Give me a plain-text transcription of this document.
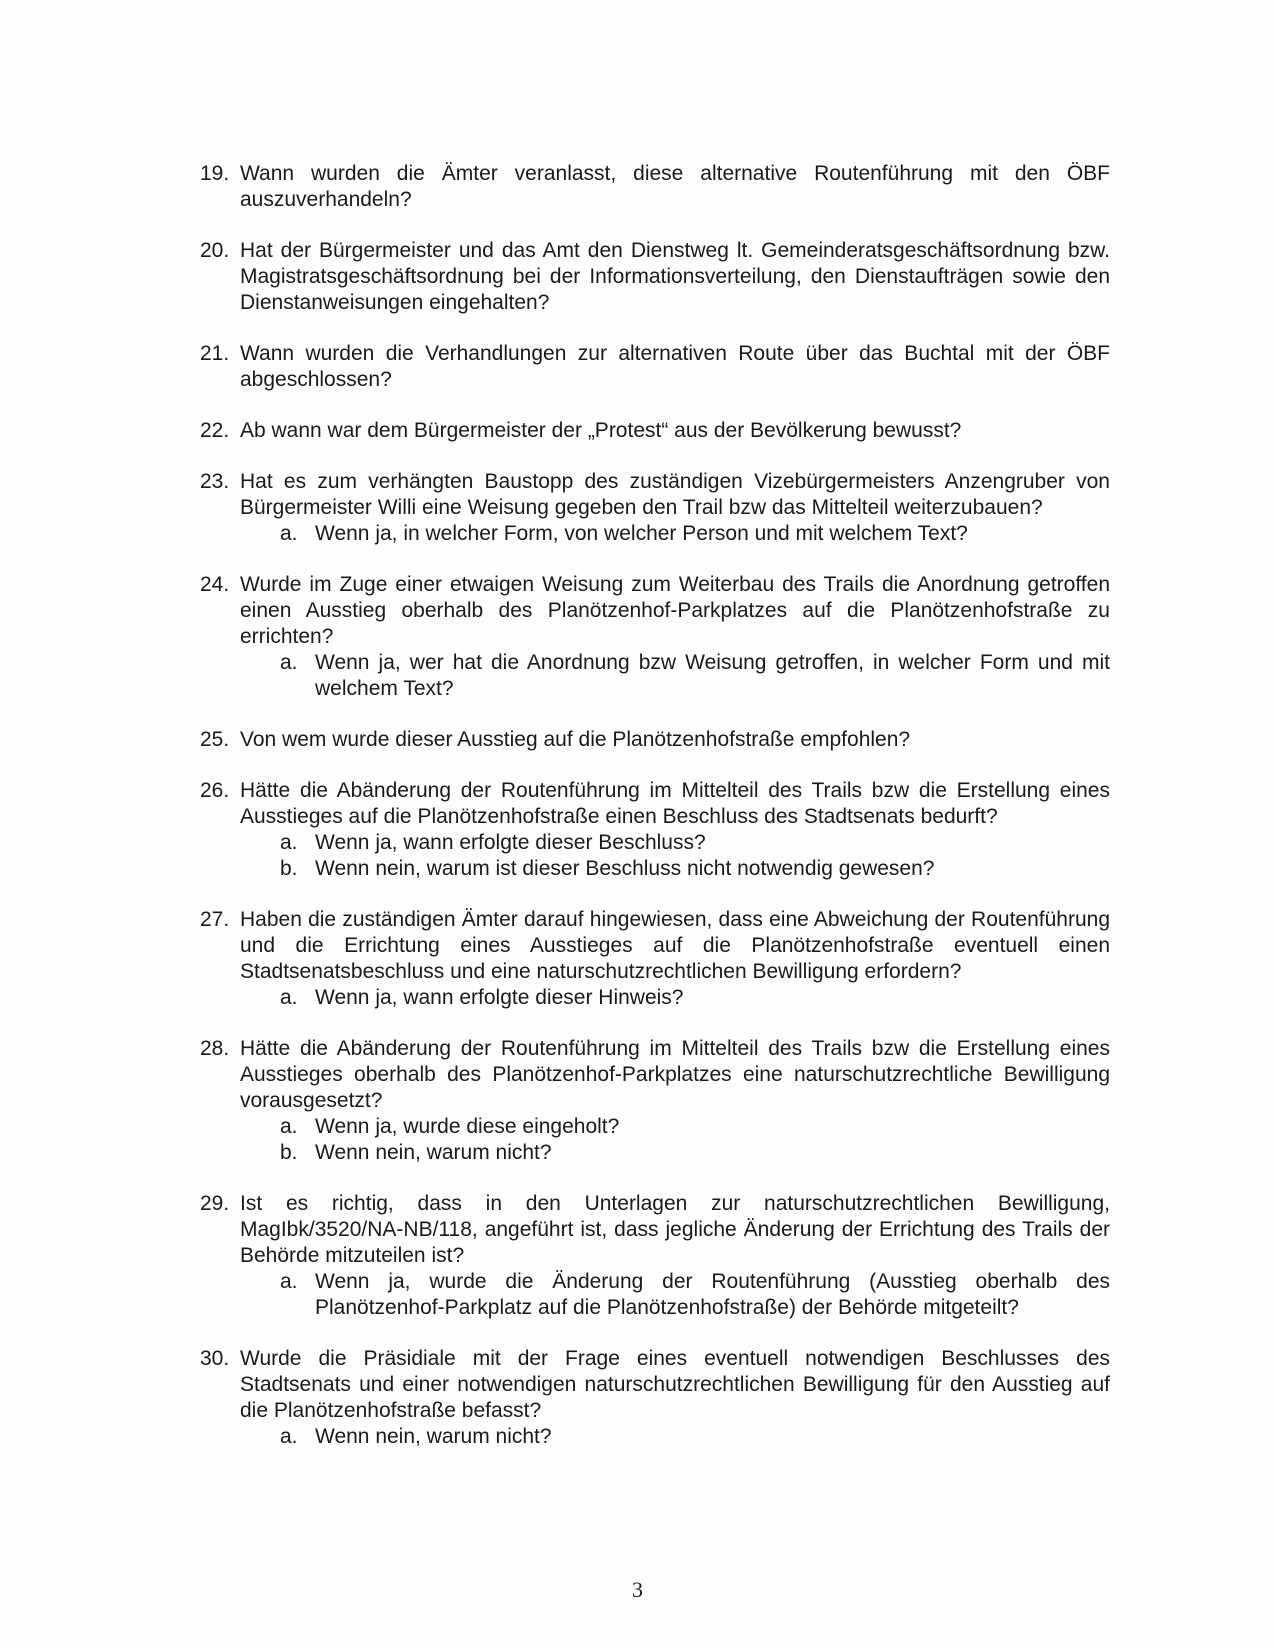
19. Wann wurden die Ämter veranlasst, diese alternative Routenführung mit den ÖBF auszuverhandeln?
20. Hat der Bürgermeister und das Amt den Dienstweg lt. Gemeinderatsgeschäftsordnung bzw. Magistratsgeschäftsordnung bei der Informationsverteilung, den Dienstaufträgen sowie den Dienstanweisungen eingehalten?
21. Wann wurden die Verhandlungen zur alternativen Route über das Buchtal mit der ÖBF abgeschlossen?
22. Ab wann war dem Bürgermeister der „Protest“ aus der Bevölkerung bewusst?
23. Hat es zum verhängten Baustopp des zuständigen Vizebürgermeisters Anzengruber von Bürgermeister Willi eine Weisung gegeben den Trail bzw das Mittelteil weiterzubauen?
a. Wenn ja, in welcher Form, von welcher Person und mit welchem Text?
24. Wurde im Zuge einer etwaigen Weisung zum Weiterbau des Trails die Anordnung getroffen einen Ausstieg oberhalb des Planötzenhof-Parkplatzes auf die Planötzenhofstraße zu errichten?
a. Wenn ja, wer hat die Anordnung bzw Weisung getroffen, in welcher Form und mit welchem Text?
25. Von wem wurde dieser Ausstieg auf die Planötzenhofstraße empfohlen?
26. Hätte die Abänderung der Routenführung im Mittelteil des Trails bzw die Erstellung eines Ausstieges auf die Planötzenhofstraße einen Beschluss des Stadtsenats bedurft?
a. Wenn ja, wann erfolgte dieser Beschluss?
b. Wenn nein, warum ist dieser Beschluss nicht notwendig gewesen?
27. Haben die zuständigen Ämter darauf hingewiesen, dass eine Abweichung der Routenführung und die Errichtung eines Ausstieges auf die Planötzenhofstraße eventuell einen Stadtsenatsbeschluss und eine naturschutzrechtlichen Bewilligung erfordern?
a. Wenn ja, wann erfolgte dieser Hinweis?
28. Hätte die Abänderung der Routenführung im Mittelteil des Trails bzw die Erstellung eines Ausstieges oberhalb des Planötzenhof-Parkplatzes eine naturschutzrechtliche Bewilligung vorausgesetzt?
a. Wenn ja, wurde diese eingeholt?
b. Wenn nein, warum nicht?
29. Ist es richtig, dass in den Unterlagen zur naturschutzrechtlichen Bewilligung, MagIbk/3520/NA-NB/118, angeführt ist, dass jegliche Änderung der Errichtung des Trails der Behörde mitzuteilen ist?
a. Wenn ja, wurde die Änderung der Routenführung (Ausstieg oberhalb des Planötzenhof-Parkplatz auf die Planötzenhofstraße) der Behörde mitgeteilt?
30. Wurde die Präsidiale mit der Frage eines eventuell notwendigen Beschlusses des Stadtsenats und einer notwendigen naturschutzrechtlichen Bewilligung für den Ausstieg auf die Planötzenhofstraße befasst?
a. Wenn nein, warum nicht?
3
